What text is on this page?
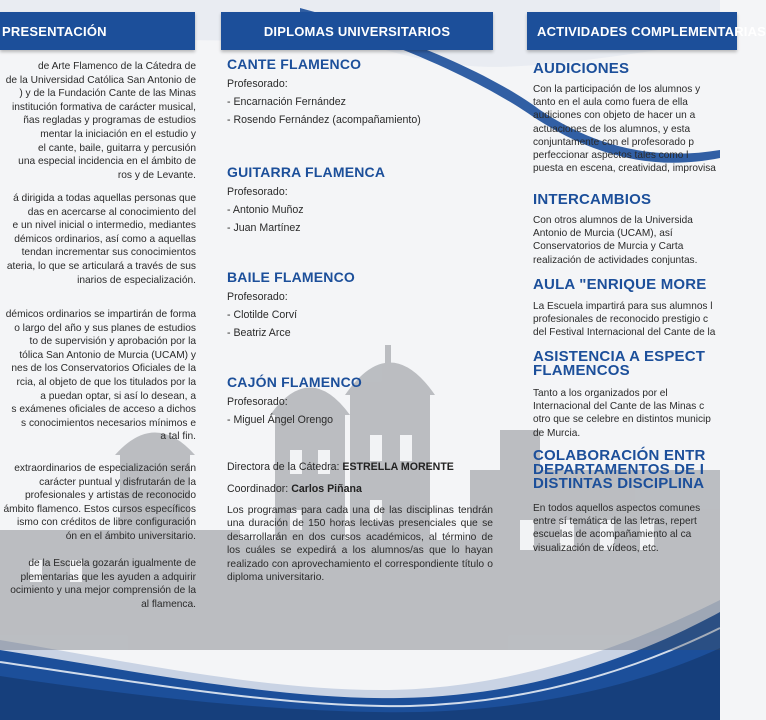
PRESENTACIÓN	DIPLOMAS UNIVERSITARIOS	ACTIVIDADES COMPLEMENTARIAS

de Arte Flamenco de la Cátedra de

de la Universidad Católica San Antonio de

) y de la Fundación Cante de las Minas

institución formativa de carácter musical,

ñas regladas y programas de estudios

mentar la iniciación en el estudio y

el cante, baile, guitarra y percusión

una especial incidencia en el ámbito de

ros y de Levante.

á dirigida a todas aquellas personas que

das en acercarse al conocimiento del

e un nivel inicial o intermedio, mediantes

démicos ordinarios, así como a aquellas

tendan incrementar sus conocimientos

ateria, lo que se articulará a través de sus

inarios de especialización.

démicos ordinarios se impartirán de forma

o largo del año y sus planes de estudios

to de supervisión y aprobación por la

tólica San Antonio de Murcia (UCAM) y

nes de los Conservatorios Oficiales de la

rcia, al objeto de que los titulados por la

a puedan optar, si así lo desean, a

s exámenes oficiales de acceso a dichos

s conocimientos necesarios mínimos e

a tal fin.

extraordinarios de especialización serán

carácter puntual y disfrutarán de la

profesionales y artistas de reconocido

ámbito flamenco. Estos cursos específicos

ismo con créditos de libre configuración

ón en el ámbito universitario.

de la Escuela gozarán igualmente de

plementarias que les ayuden a adquirir

ocimiento y una mejor comprensión de la

al flamenca.

CANTE FLAMENCO
Profesorado:
- Encarnación Fernández
- Rosendo Fernández (acompañamiento)
GUITARRA FLAMENCA
Profesorado:
- Antonio Muñoz
- Juan Martínez
BAILE FLAMENCO
Profesorado:
- Clotilde Corví
- Beatriz Arce
CAJÓN FLAMENCO
Profesorado:
- Miguel Ángel Orengo
Directora de la Cátedra: ESTRELLA MORENTE
Coordinador: Carlos Piñana
Los programas para cada una de las disciplinas tendrán una duración de 150 horas lectivas presenciales que se desarrollarán en dos cursos académicos, al término de los cuáles se expedirá a los alumnos/as que lo hayan realizado con aprovechamiento el correspondiente título o diploma universitario.
AUDICIONES
Con la participación de los alumnos y
tanto en el aula como fuera de ella
audiciones con objeto de hacer un a
actuaciones de los alumnos, y esta
conjuntamente con el profesorado p
perfeccionar aspectos tales como l
puesta en escena, creatividad, improvisa
INTERCAMBIOS
Con otros alumnos de la Universida
Antonio de Murcia (UCAM), así
Conservatorios de Murcia y Carta
realización de actividades conjuntas.
AULA "ENRIQUE MORE
La Escuela impartirá para sus alumnos l
profesionales de reconocido prestigio c
del Festival Internacional del Cante de la
ASISTENCIA A ESPECT
FLAMENCOS
Tanto a los organizados por el
Internacional del Cante de las Minas c
otro que se celebre en distintos municip
de Murcia.
COLABORACIÓN ENTR
DEPARTAMENTOS DE I
DISTINTAS DISCIPLINA
En todos aquellos aspectos comunes
entre sí temática de las letras, repert
escuelas de acompañamiento al ca
visualización de vídeos, etc.
